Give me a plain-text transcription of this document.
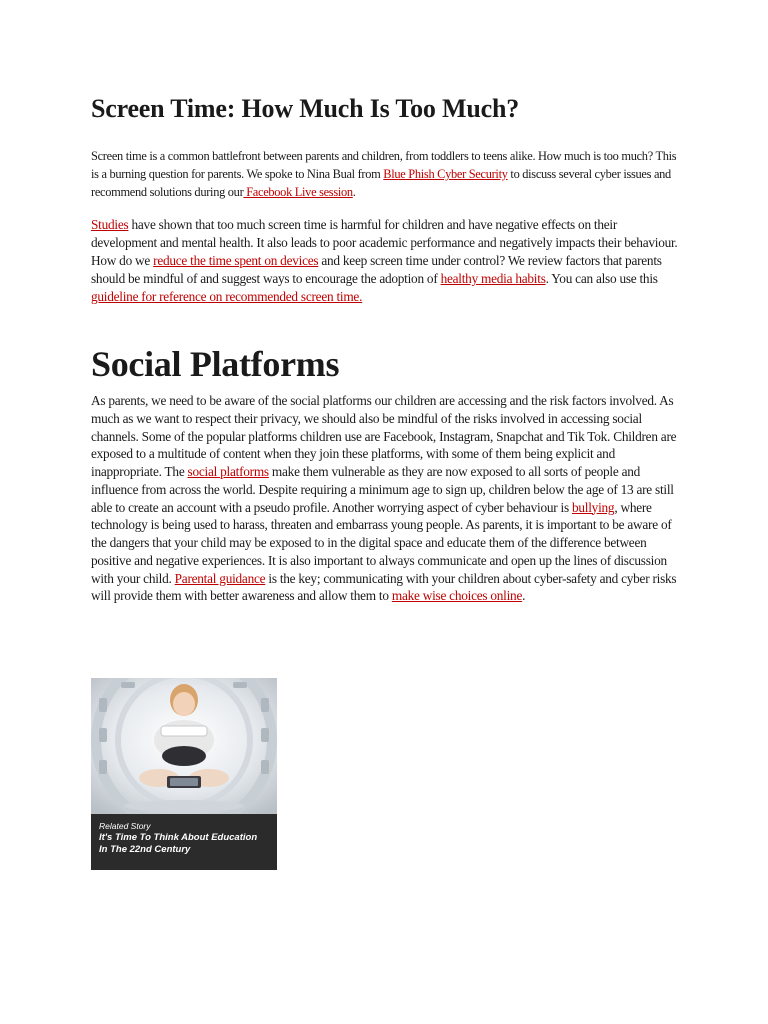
Screen Time: How Much Is Too Much?

Screen time is a common battlefront between parents and children, from toddlers to teens alike. How much is too much? This is a burning question for parents. We spoke to Nina Bual from Blue Phish Cyber Security to discuss several cyber issues and recommend solutions during our Facebook Live session.

Studies have shown that too much screen time is harmful for children and have negative effects on their development and mental health. It also leads to poor academic performance and negatively impacts their behaviour. How do we reduce the time spent on devices and keep screen time under control? We review factors that parents should be mindful of and suggest ways to encourage the adoption of healthy media habits. You can also use this guideline for reference on recommended screen time.

Social Platforms

As parents, we need to be aware of the social platforms our children are accessing and the risk factors involved. As much as we want to respect their privacy, we should also be mindful of the risks involved in accessing social channels. Some of the popular platforms children use are Facebook, Instagram, Snapchat and Tik Tok. Children are exposed to a multitude of content when they join these platforms, with some of them being explicit and inappropriate. The social platforms make them vulnerable as they are now exposed to all sorts of people and influence from across the world. Despite requiring a minimum age to sign up, children below the age of 13 are still able to create an account with a pseudo profile. Another worrying aspect of cyber behaviour is bullying, where technology is being used to harass, threaten and embarrass young people. As parents, it is important to be aware of the dangers that your child may be exposed to in the digital space and educate them of the difference between positive and negative experiences. It is also important to always communicate and open up the lines of discussion with your child. Parental guidance is the key; communicating with your children about cyber-safety and cyber risks will provide them with better awareness and allow them to make wise choices online.

Related Story
It's Time To Think About Education In The 22nd Century
